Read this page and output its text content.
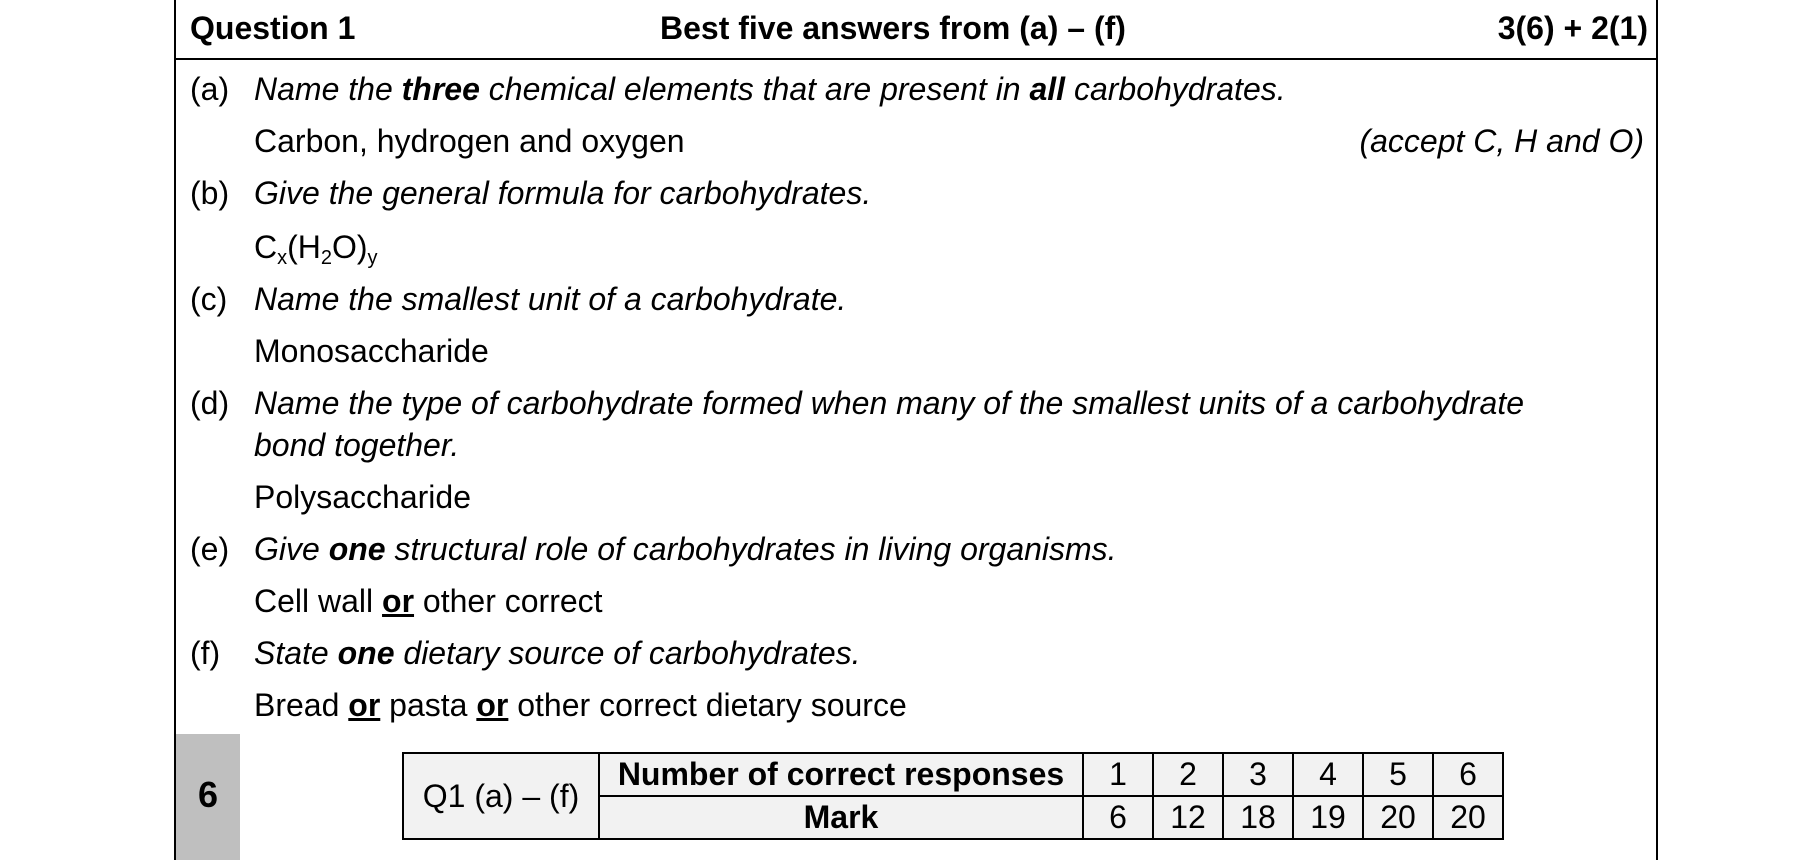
Question 1	Best five answers from (a) – (f)	3(6) + 2(1)
(a) Name the three chemical elements that are present in all carbohydrates.
Carbon, hydrogen and oxygen	(accept C, H and O)
(b) Give the general formula for carbohydrates.
$C_x(H_2O)_y$
(c) Name the smallest unit of a carbohydrate.
Monosaccharide
(d) Name the type of carbohydrate formed when many of the smallest units of a carbohydrate
bond together.
Polysaccharide
(e) Give one structural role of carbohydrates in living organisms.
Cell wall or other correct
(f) State one dietary source of carbohydrates.
Bread or pasta or other correct dietary source
6	Q1 (a) – (f)	Number of correct responses	1	2	3	4	5	6
	Mark	6	12	18	19	20	20
